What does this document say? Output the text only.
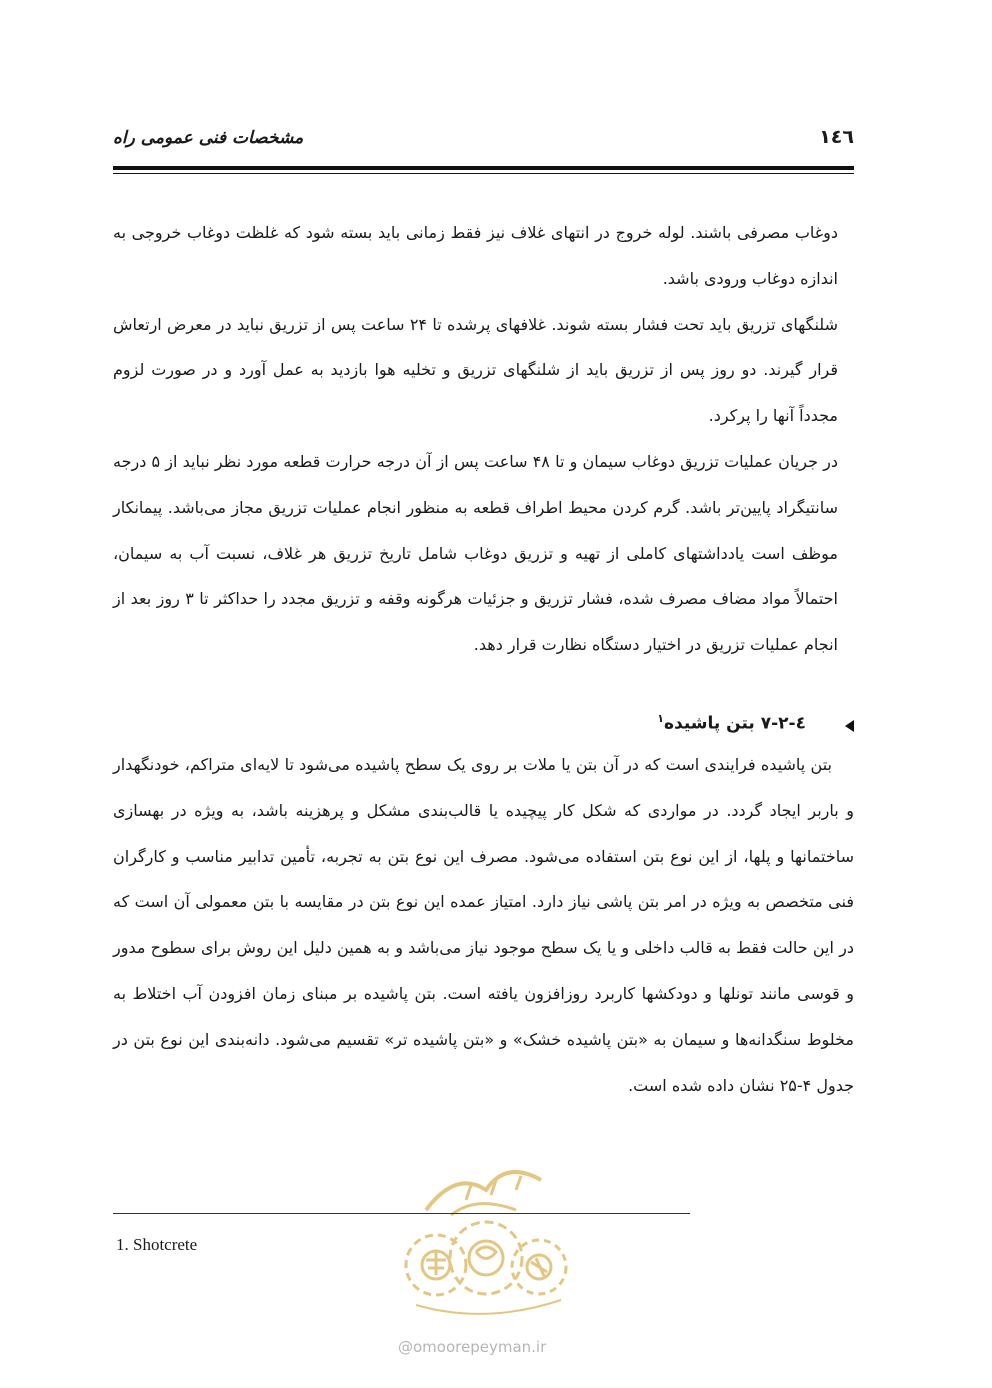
مشخصات فنی عمومی راه	۱٤٦

دوغاب مصرفی باشند. لوله خروج در انتهای غلاف نیز فقط زمانی باید بسته شود که غلظت دوغاب خروجی به اندازه دوغاب ورودی باشد.

شلنگهای تزریق باید تحت فشار بسته شوند. غلافهای پرشده تا ۲۴ ساعت پس از تزریق نباید در معرض ارتعاش قرار گیرند. دو روز پس از تزریق باید از شلنگهای تزریق و تخلیه هوا بازدید به عمل آورد و در صورت لزوم مجدداً آنها را پرکرد.

در جریان عملیات تزریق دوغاب سیمان و تا ۴۸ ساعت پس از آن درجه حرارت قطعه مورد نظر نباید از ۵ درجه سانتیگراد پایین‌تر باشد. گرم کردن محیط اطراف قطعه به منظور انجام عملیات تزریق مجاز می‌باشد. پیمانکار موظف است یادداشتهای کاملی از تهیه و تزریق دوغاب شامل تاریخ تزریق هر غلاف، نسبت آب به سیمان، احتمالاً مواد مضاف مصرف شده، فشار تزریق و جزئیات هرگونه وقفه و تزریق مجدد را حداکثر تا ۳ روز بعد از انجام عملیات تزریق در اختیار دستگاه نظارت قرار دهد.

٤-۷-۲ بتن پاشیده$^۱$

بتن پاشیده فرایندی است که در آن بتن یا ملات بر روی یک سطح پاشیده می‌شود تا لایه‌ای متراکم، خودنگهدار و باربر ایجاد گردد. در مواردی که شکل کار پیچیده یا قالب‌بندی مشکل و پرهزینه باشد، به ویژه در بهسازی ساختمانها و پلها، از این نوع بتن استفاده می‌شود. مصرف این نوع بتن به تجربه، تأمین تدابیر مناسب و کارگران فنی متخصص به ویژه در امر بتن پاشی نیاز دارد. امتیاز عمده این نوع بتن در مقایسه با بتن معمولی آن است که در این حالت فقط به قالب داخلی و یا یک سطح موجود نیاز می‌باشد و به همین دلیل این روش برای سطوح مدور و قوسی مانند تونلها و دودکشها کاربرد روزافزون یافته است. بتن پاشیده بر مبنای زمان افزودن آب اختلاط به مخلوط سنگدانه‌ها و سیمان به «بتن پاشیده خشک» و «بتن پاشیده تر» تقسیم می‌شود. دانه‌بندی این نوع بتن در جدول ۴-۲۵ نشان داده شده است.

1. Shotcrete
@omoorepeyman.ir
